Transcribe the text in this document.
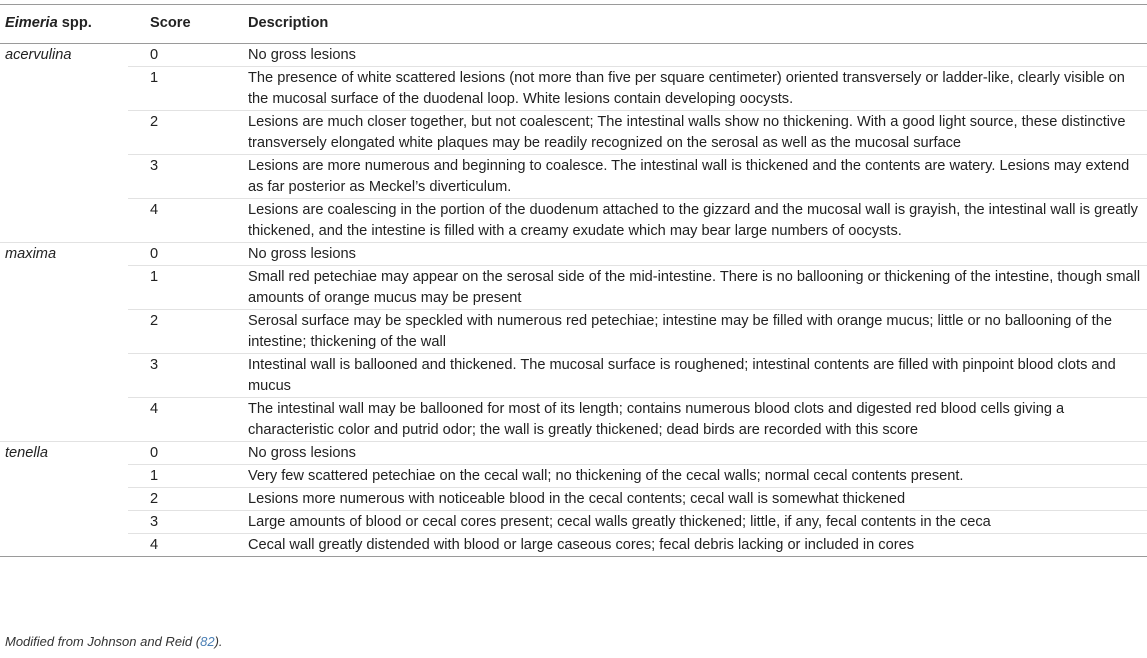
Eimeria spp.	Score	Description
acervulina	0	No gross lesions
	1	The presence of white scattered lesions (not more than five per square centimeter) oriented transversely or ladder-like, clearly visible on the mucosal surface of the duodenal loop. White lesions contain developing oocysts.
	2	Lesions are much closer together, but not coalescent; The intestinal walls show no thickening. With a good light source, these distinctive transversely elongated white plaques may be readily recognized on the serosal as well as the mucosal surface
	3	Lesions are more numerous and beginning to coalesce. The intestinal wall is thickened and the contents are watery. Lesions may extend as far posterior as Meckel’s diverticulum.
	4	Lesions are coalescing in the portion of the duodenum attached to the gizzard and the mucosal wall is grayish, the intestinal wall is greatly thickened, and the intestine is filled with a creamy exudate which may bear large numbers of oocysts.
maxima	0	No gross lesions
	1	Small red petechiae may appear on the serosal side of the mid-intestine. There is no ballooning or thickening of the intestine, though small amounts of orange mucus may be present
	2	Serosal surface may be speckled with numerous red petechiae; intestine may be filled with orange mucus; little or no ballooning of the intestine; thickening of the wall
	3	Intestinal wall is ballooned and thickened. The mucosal surface is roughened; intestinal contents are filled with pinpoint blood clots and mucus
	4	The intestinal wall may be ballooned for most of its length; contains numerous blood clots and digested red blood cells giving a characteristic color and putrid odor; the wall is greatly thickened; dead birds are recorded with this score
tenella	0	No gross lesions
	1	Very few scattered petechiae on the cecal wall; no thickening of the cecal walls; normal cecal contents present.
	2	Lesions more numerous with noticeable blood in the cecal contents; cecal wall is somewhat thickened
	3	Large amounts of blood or cecal cores present; cecal walls greatly thickened; little, if any, fecal contents in the ceca
	4	Cecal wall greatly distended with blood or large caseous cores; fecal debris lacking or included in cores
Modified from Johnson and Reid (82).
